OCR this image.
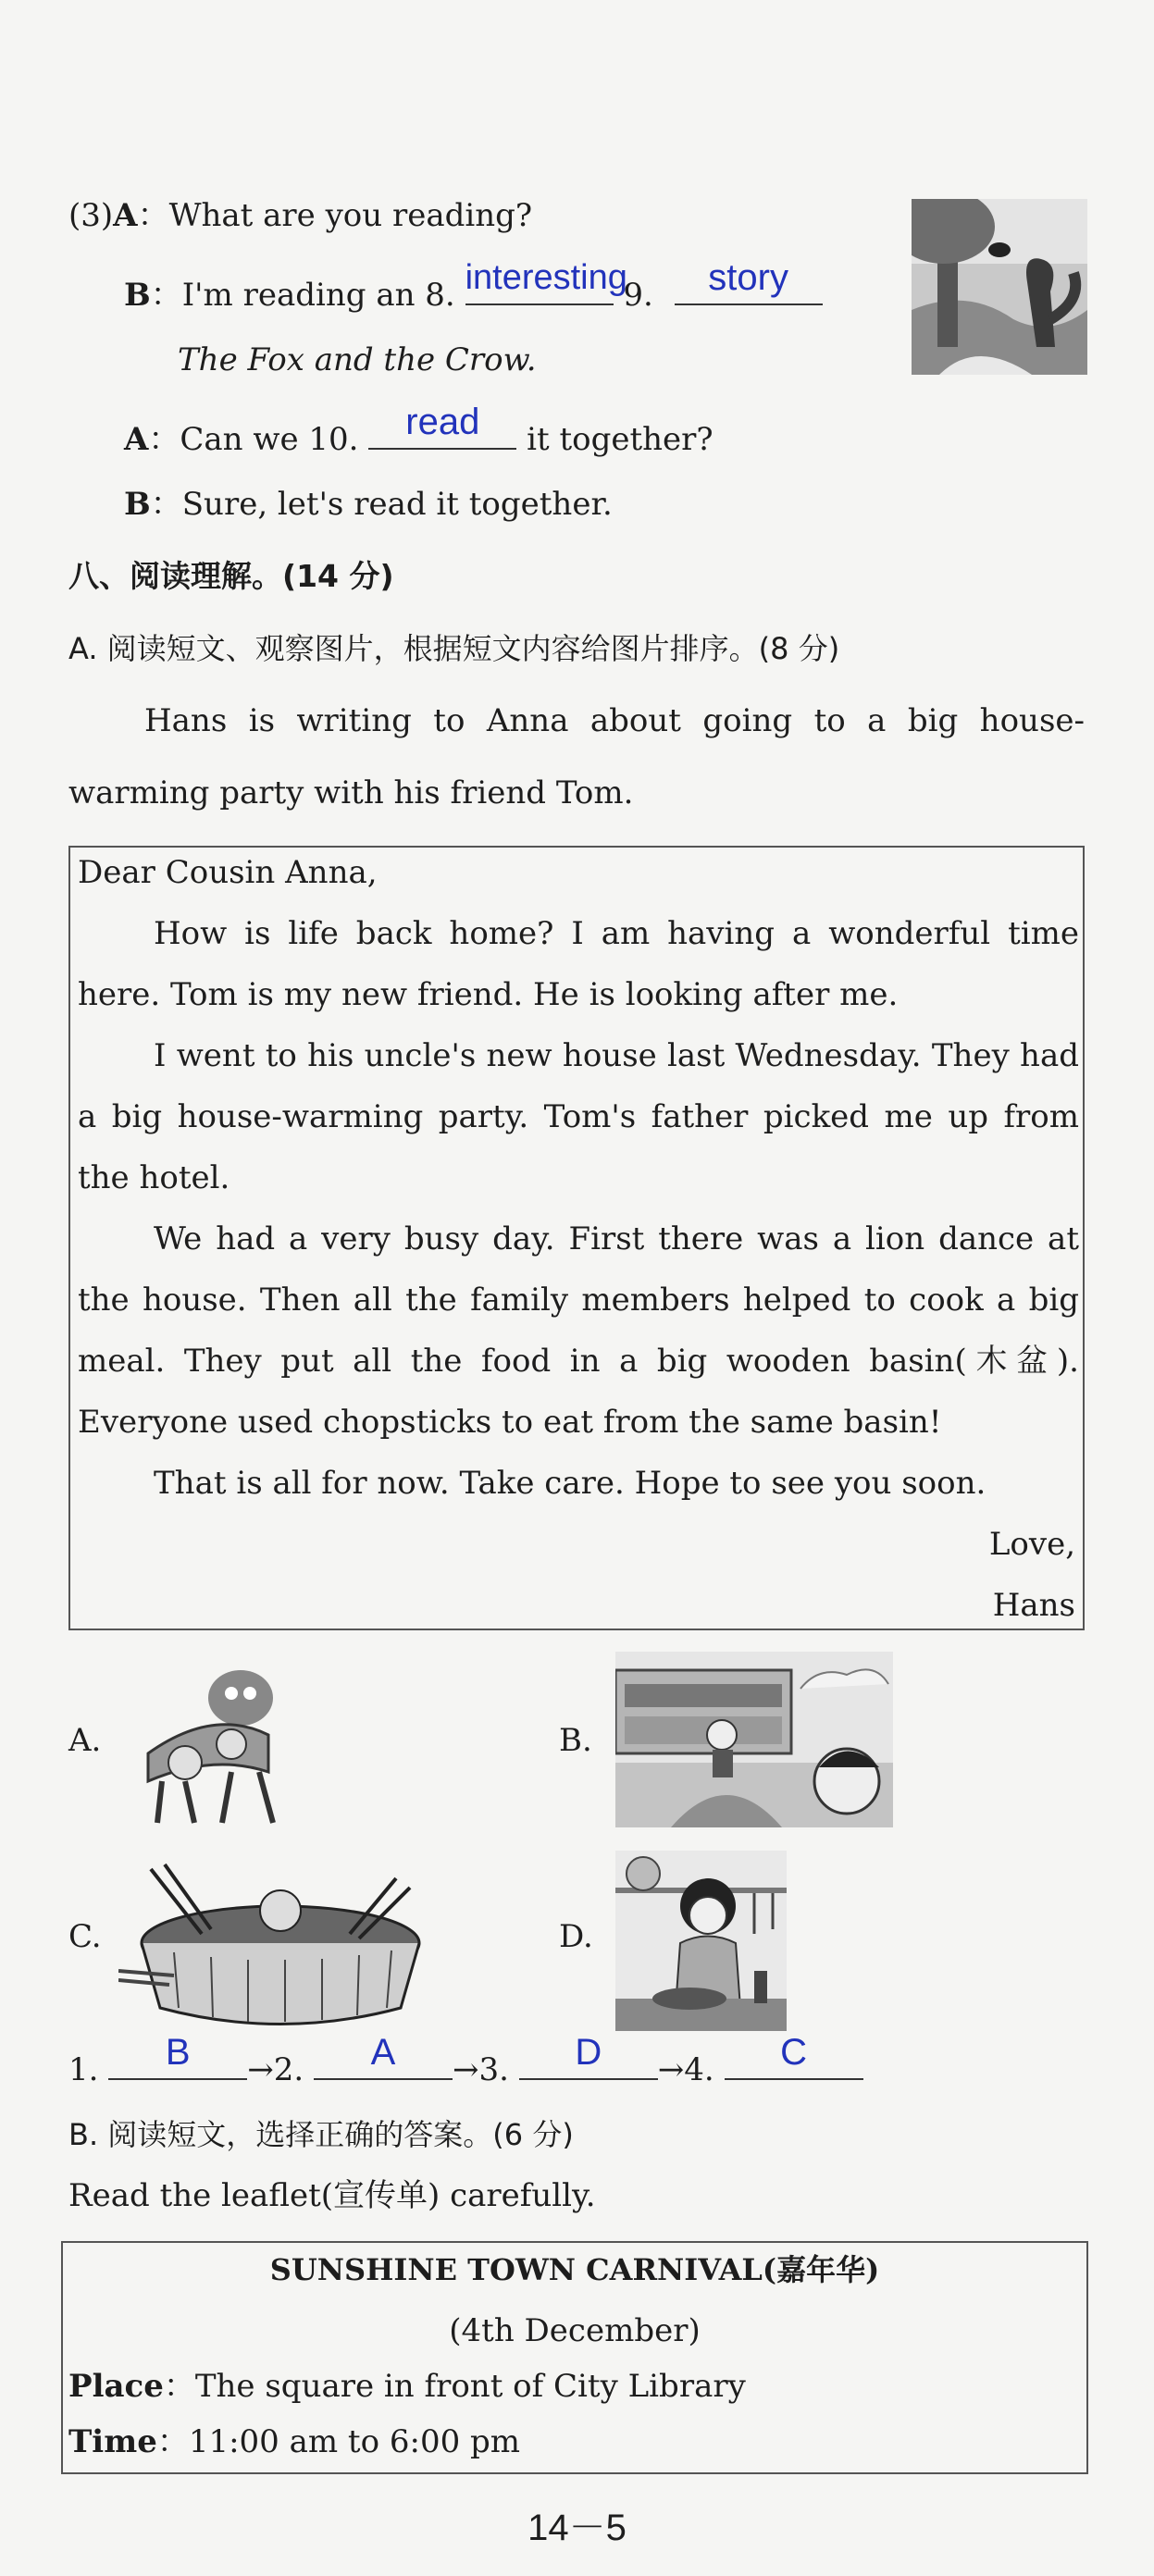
(3)A：What are you reading?
B：I'm reading an 8. interesting
9.	story
The Fox and the Crow.
A：Can we 10.	read	it together?
B：Sure, let's read it together.
八、阅读理解。(14 分)
A. 阅读短文、观察图片，根据短文内容给图片排序。(8 分)
Hans is writing to Anna about going to a big house-
warming party with his friend Tom.
Dear Cousin Anna,
How is life back home? I am having a wonderful time
here. Tom is my new friend. He is looking after me.
I went to his uncle's new house last Wednesday. They had
a big house-warming party. Tom's father picked me up from
the hotel.
We had a very busy day. First there was a lion dance at
the house. Then all the family members helped to cook a big
meal. They put all the food in a big wooden basin(木盆).
Everyone used chopsticks to eat from the same basin!
That is all for now. Take care. Hope to see you soon.
Love,
Hans
A.	B.
C.	D.
1.	B	→2.	A	→3.	D	→4.	C
B. 阅读短文，选择正确的答案。(6 分)
Read the leaflet(宣传单) carefully.
SUNSHINE TOWN CARNIVAL(嘉年华)
(4th December)
Place：The square in front of City Library
Time：11:00 am to 6:00 pm
14－5
